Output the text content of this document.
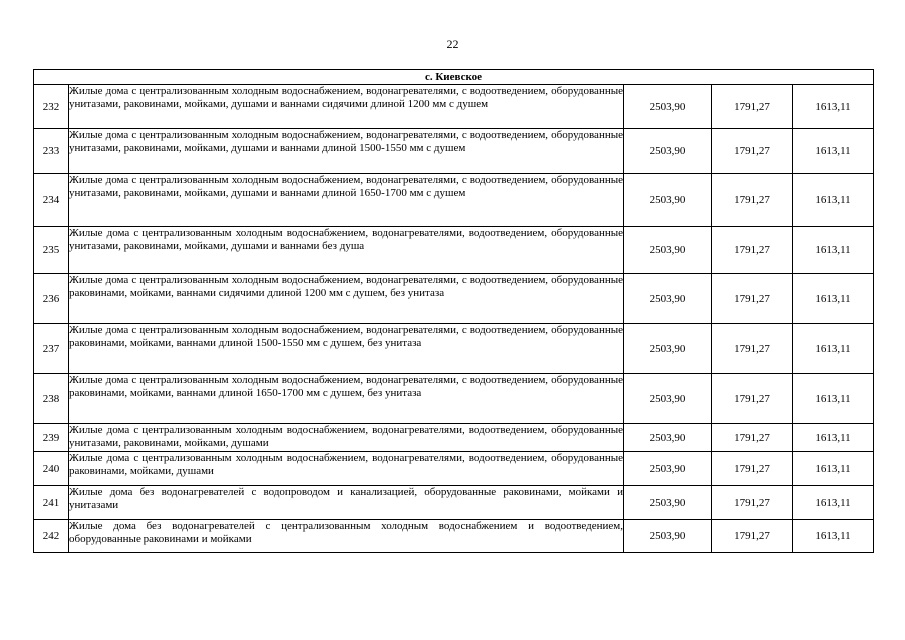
22
с. Киевское				
232	Жилые дома с централизованным холодным водоснабжением, водонагревателями, с водоотведением, оборудованные унитазами, раковинами, мойками, душами и ваннами сидячими длиной 1200 мм с душем	2503,90	1791,27	1613,11
233	Жилые дома с централизованным холодным водоснабжением, водонагревателями, с водоотведением, оборудованные унитазами, раковинами, мойками, душами и ваннами длиной 1500-1550 мм с душем	2503,90	1791,27	1613,11
234	Жилые дома с централизованным холодным водоснабжением, водонагревателями, с водоотведением, оборудованные унитазами, раковинами, мойками, душами и ваннами длиной 1650-1700 мм с душем	2503,90	1791,27	1613,11
235	Жилые дома с централизованным холодным водоснабжением, водонагревателями, водоотведением, оборудованные унитазами, раковинами, мойками, душами и ваннами без душа	2503,90	1791,27	1613,11
236	Жилые дома с централизованным холодным водоснабжением, водонагревателями, с водоотведением, оборудованные раковинами, мойками, ваннами сидячими длиной 1200 мм с душем, без унитаза	2503,90	1791,27	1613,11
237	Жилые дома с централизованным холодным водоснабжением, водонагревателями, с водоотведением, оборудованные раковинами, мойками, ваннами длиной 1500-1550 мм с душем, без унитаза	2503,90	1791,27	1613,11
238	Жилые дома с централизованным холодным водоснабжением, водонагревателями, с водоотведением, оборудованные раковинами, мойками, ваннами длиной 1650-1700 мм с душем, без унитаза	2503,90	1791,27	1613,11
239	Жилые дома с централизованным холодным водоснабжением, водонагревателями, водоотведением, оборудованные унитазами, раковинами, мойками, душами	2503,90	1791,27	1613,11
240	Жилые дома с централизованным холодным водоснабжением, водонагревателями, водоотведением, оборудованные раковинами, мойками, душами	2503,90	1791,27	1613,11
241	Жилые дома без водонагревателей с водопроводом и канализацией, оборудованные раковинами, мойками и унитазами	2503,90	1791,27	1613,11
242	Жилые дома без водонагревателей с централизованным холодным водоснабжением и водоотведением, оборудованные раковинами и мойками	2503,90	1791,27	1613,11
